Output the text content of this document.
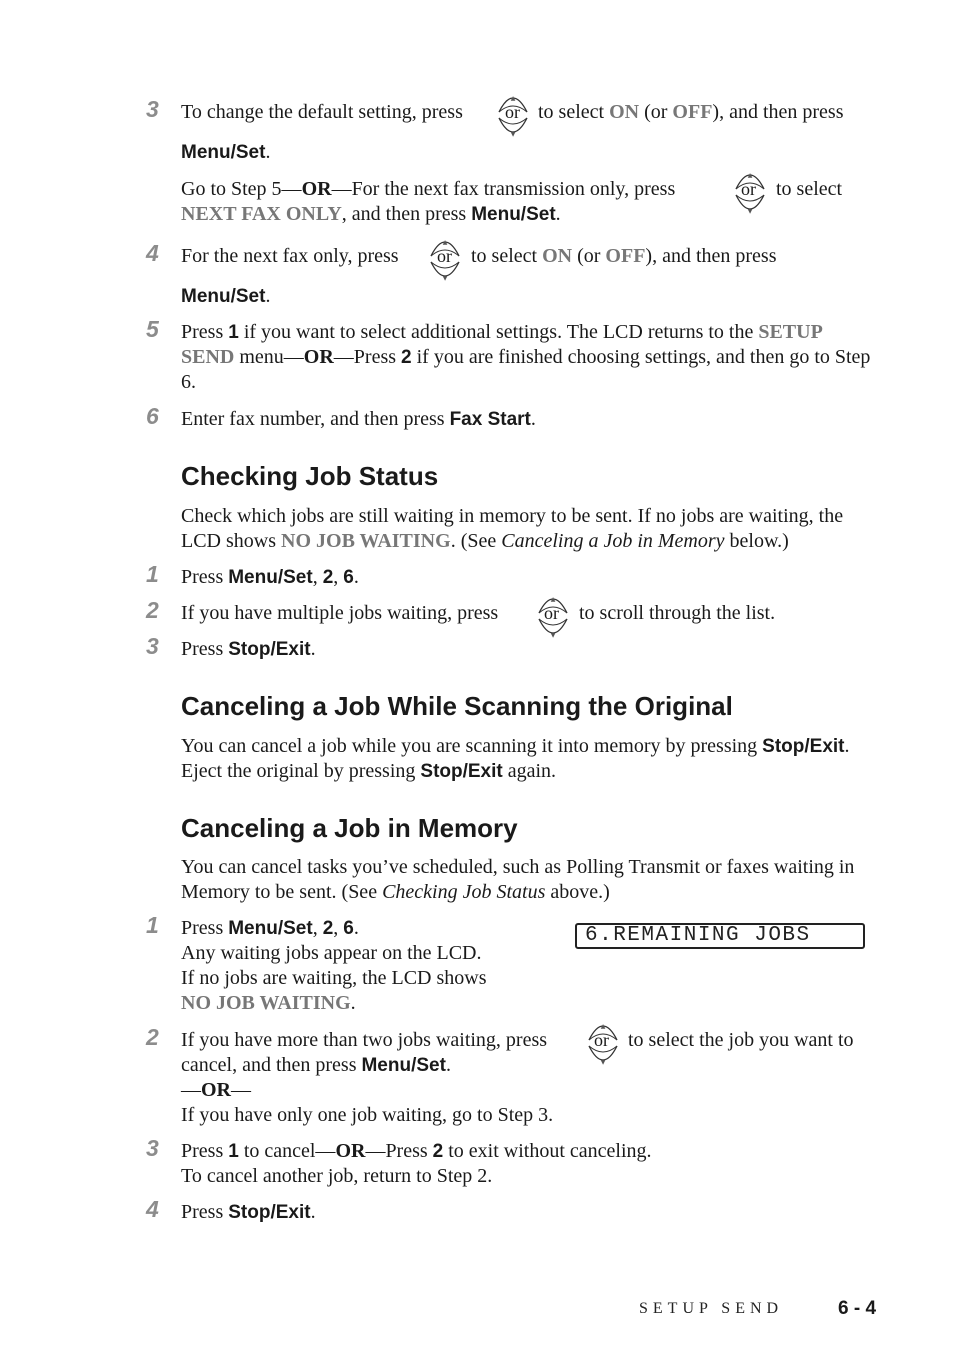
3 To change the default setting, press or to select ON (or OFF), and then press
Menu/Set.
Go to Step 5—OR—For the next fax transmission only, press	or to select
NEXT FAX ONLY, and then press Menu/Set.
4 For the next fax only, press or to select ON (or OFF), and then press
Menu/Set.
5 Press 1 if you want to select additional settings. The LCD returns to the SETUP SEND menu—OR—Press 2 if you are finished choosing settings, and then go to Step 6.
6 Enter fax number, and then press Fax Start.
Checking Job Status
Check which jobs are still waiting in memory to be sent. If no jobs are waiting, the LCD shows NO JOB WAITING. (See Canceling a Job in Memory below.)
1 Press Menu/Set, 2, 6.
2 If you have multiple jobs waiting, press	or to scroll through the list.
3 Press Stop/Exit.
Canceling a Job While Scanning the Original
You can cancel a job while you are scanning it into memory by pressing Stop/Exit. Eject the original by pressing Stop/Exit again.
Canceling a Job in Memory
You can cancel tasks you’ve scheduled, such as Polling Transmit or faxes waiting in Memory to be sent. (See Checking Job Status above.)
6.REMAINING JOBS
1 Press Menu/Set, 2, 6.
Any waiting jobs appear on the LCD.
If no jobs are waiting, the LCD shows
NO JOB WAITING.
2 If you have more than two jobs waiting, press	or to select the job you want to
cancel, and then press Menu/Set.
—OR—
If you have only one job waiting, go to Step 3.
3 Press 1 to cancel—OR—Press 2 to exit without canceling.
To cancel another job, return to Step 2.
4 Press Stop/Exit.
SETUP SEND	6 - 4
